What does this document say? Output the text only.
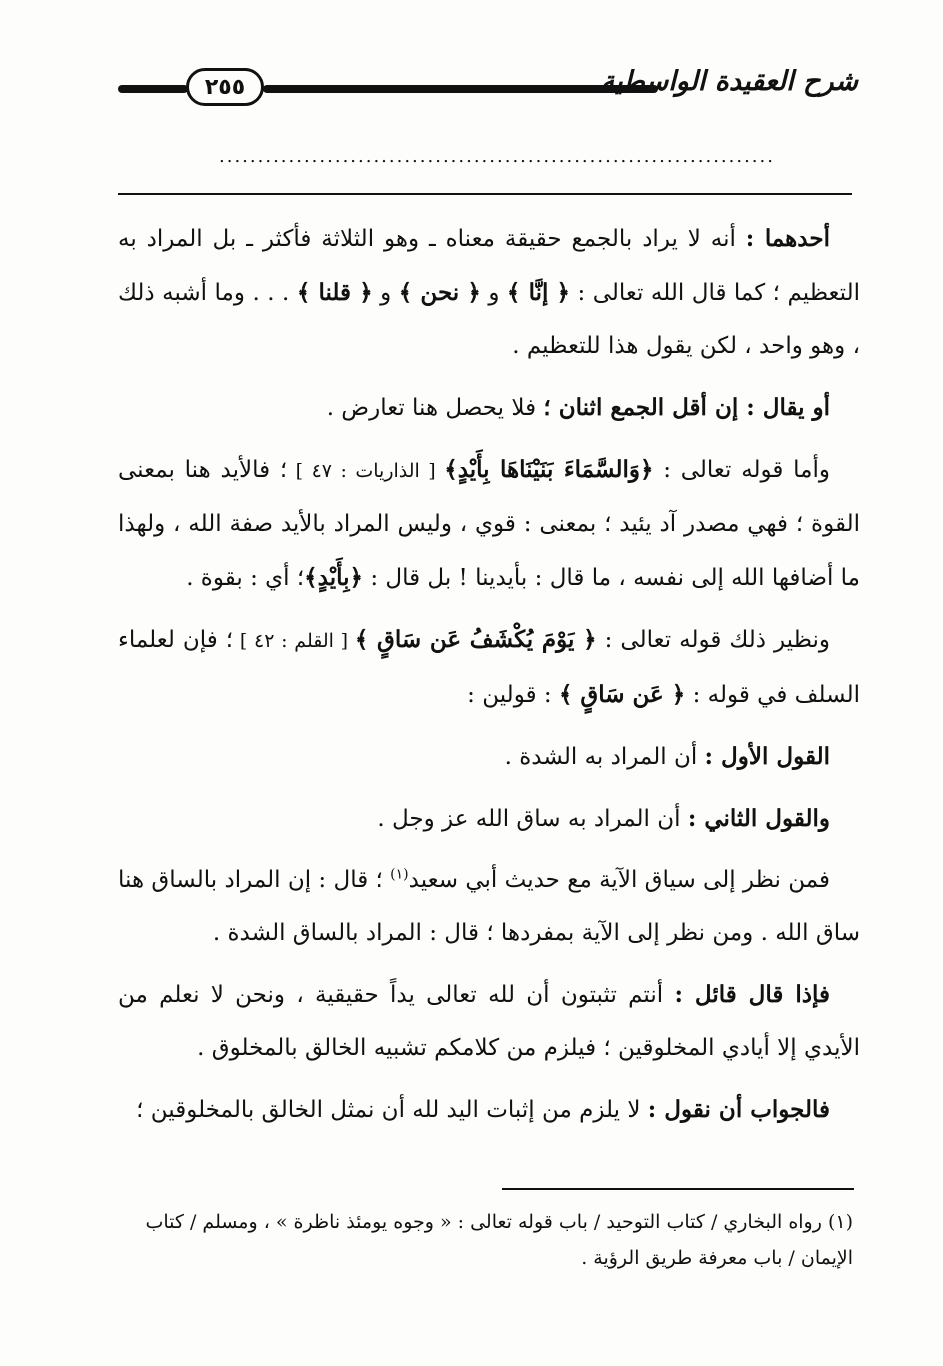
٢٥٥	شرح العقيدة الواسطية
........................................................................

أحدهما : أنه لا يراد بالجمع حقيقة معناه ـ وهو الثلاثة فأكثر ـ بل المراد به التعظيم ؛ كما قال الله تعالى : ﴿ إنَّا ﴾ و ﴿ نحن ﴾ و ﴿ قلنا ﴾ . . . وما أشبه ذلك ، وهو واحد ، لكن يقول هذا للتعظيم .

أو يقال : إن أقل الجمع اثنان ؛ فلا يحصل هنا تعارض .

وأما قوله تعالى : ﴿وَالسَّمَاءَ بَنَيْنَاهَا بِأَيْدٍ﴾ [ الذاريات : ٤٧ ] ؛ فالأيد هنا بمعنى القوة ؛ فهي مصدر آد يئيد ؛ بمعنى : قوي ، وليس المراد بالأيد صفة الله ، ولهذا ما أضافها الله إلى نفسه ، ما قال : بأيدينا ! بل قال : ﴿بِأَيْدٍ﴾؛ أي : بقوة .

ونظير ذلك قوله تعالى : ﴿ يَوْمَ يُكْشَفُ عَن سَاقٍ ﴾ [ القلم : ٤٢ ] ؛ فإن لعلماء السلف في قوله : ﴿ عَن سَاقٍ ﴾ : قولين :

القول الأول : أن المراد به الشدة .

والقول الثاني : أن المراد به ساق الله عز وجل .

فمن نظر إلى سياق الآية مع حديث أبي سعيد$^{(١)}$ ؛ قال : إن المراد بالساق هنا ساق الله . ومن نظر إلى الآية بمفردها ؛ قال : المراد بالساق الشدة .

فإذا قال قائل : أنتم تثبتون أن لله تعالى يداً حقيقية ، ونحن لا نعلم من الأيدي إلا أيادي المخلوقين ؛ فيلزم من كلامكم تشبيه الخالق بالمخلوق .

فالجواب أن نقول : لا يلزم من إثبات اليد لله أن نمثل الخالق بالمخلوقين ؛

(١) رواه البخاري / كتاب التوحيد / باب قوله تعالى : « وجوه يومئذ ناظرة » ، ومسلم / كتاب الإيمان / باب معرفة طريق الرؤية .
